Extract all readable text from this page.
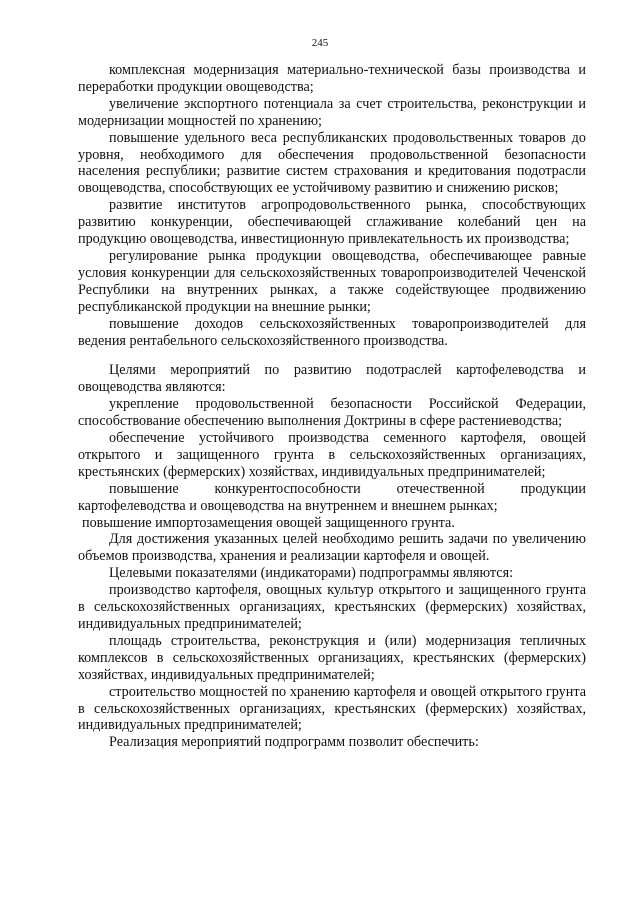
245

комплексная модернизация материально-технической базы производства и переработки продукции овощеводства;

увеличение экспортного потенциала за счет строительства, реконструкции и модернизации мощностей по хранению;

повышение удельного веса республиканских продовольственных товаров до уровня, необходимого для обеспечения продовольственной безопасности населения республики; развитие систем страхования и кредитования подотрасли овощеводства, способствующих ее устойчивому развитию и снижению рисков;

развитие институтов агропродовольственного рынка, способствующих развитию конкуренции, обеспечивающей сглаживание колебаний цен на продукцию овощеводства, инвестиционную привлекательность их производства;

регулирование рынка продукции овощеводства, обеспечивающее равные условия конкуренции для сельскохозяйственных товаропроизводителей Чеченской Республики на внутренних рынках, а также содействующее продвижению республиканской продукции на внешние рынки;

повышение доходов сельскохозяйственных товаропроизводителей для ведения рентабельного сельскохозяйственного производства.

Целями мероприятий по развитию подотраслей картофелеводства и овощеводства являются:

укрепление продовольственной безопасности Российской Федерации, способствование обеспечению выполнения Доктрины в сфере растениеводства;

обеспечение устойчивого производства семенного картофеля, овощей открытого и защищенного грунта в сельскохозяйственных организациях, крестьянских (фермерских) хозяйствах, индивидуальных предпринимателей;

повышение конкурентоспособности отечественной продукции картофелеводства и овощеводства на внутреннем и внешнем рынках;

повышение импортозамещения овощей защищенного грунта.

Для достижения указанных целей необходимо решить задачи по увеличению объемов производства, хранения и реализации картофеля и овощей.

Целевыми показателями (индикаторами) подпрограммы являются:

производство картофеля, овощных культур открытого и защищенного грунта в сельскохозяйственных организациях, крестьянских (фермерских) хозяйствах, индивидуальных предпринимателей;

площадь строительства, реконструкция и (или) модернизация тепличных комплексов в сельскохозяйственных организациях, крестьянских (фермерских) хозяйствах, индивидуальных предпринимателей;

строительство мощностей по хранению картофеля и овощей открытого грунта в сельскохозяйственных организациях, крестьянских (фермерских) хозяйствах, индивидуальных предпринимателей;

Реализация мероприятий подпрограмм позволит обеспечить:
